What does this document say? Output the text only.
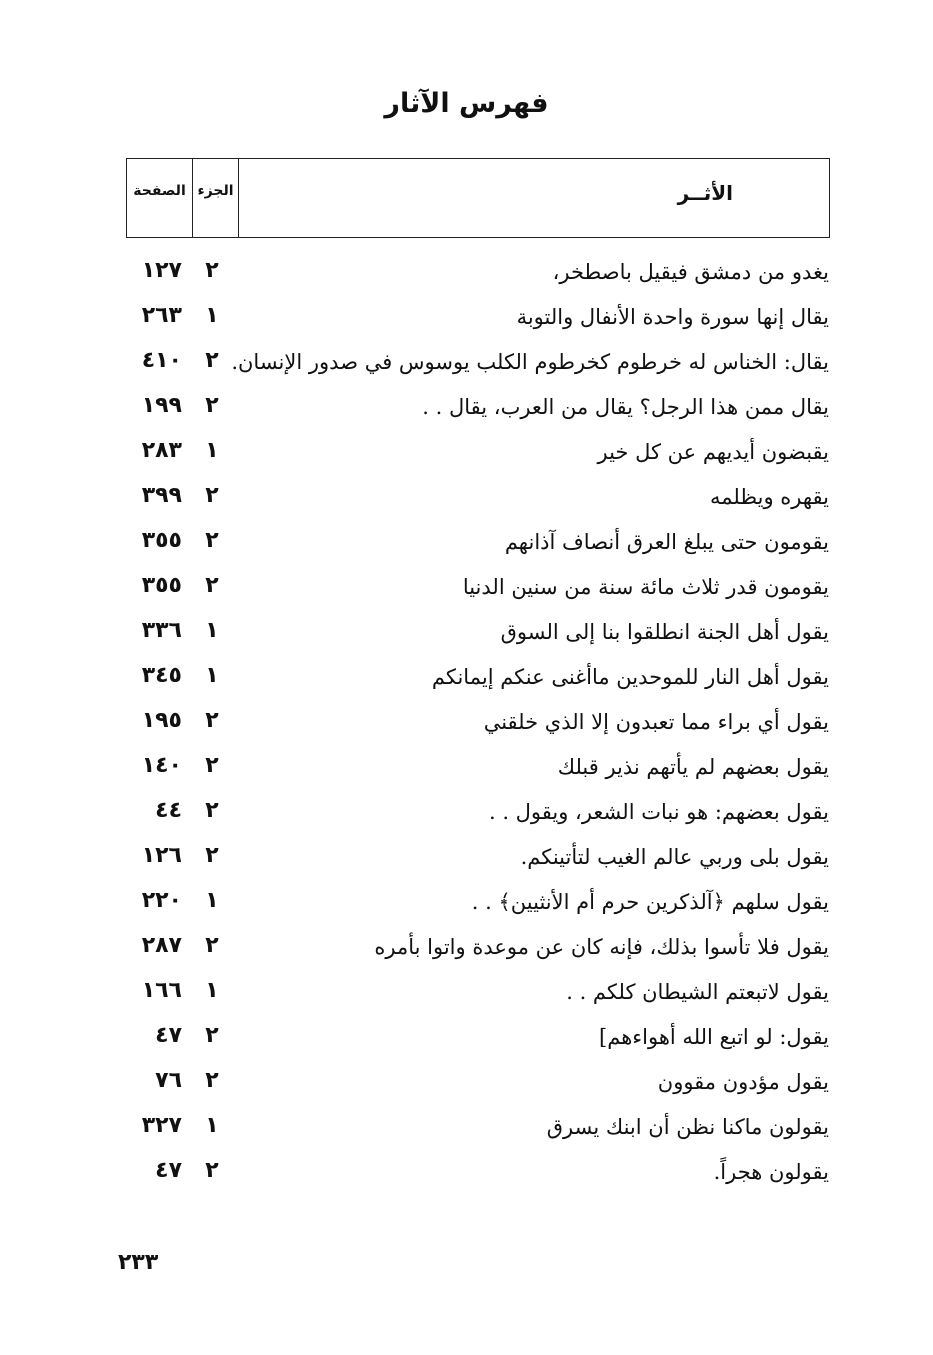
فهرس الآثار
الصفحة الجزء	الأثــر
يغدو من دمشق فيقيل باصطخر،
٢
١٢٧
يقال إنها سورة واحدة الأنفال والتوبة
١
٢٦٣
يقال: الخناس له خرطوم كخرطوم الكلب يوسوس في صدور الإنسان.
٢
٤١٠
يقال ممن هذا الرجل؟ يقال من العرب، يقال . .
٢
١٩٩
يقبضون أيديهم عن كل خير
١
٢٨٣
يقهره ويظلمه
٢
٣٩٩
يقومون حتى يبلغ العرق أنصاف آذانهم
٢
٣٥٥
يقومون قدر ثلاث مائة سنة من سنين الدنيا
٢
٣٥٥
يقول أهل الجنة انطلقوا بنا إلى السوق
١
٣٣٦
يقول أهل النار للموحدين ماأغنى عنكم إيمانكم
١
٣٤٥
يقول أي براء مما تعبدون إلا الذي خلقني
٢
١٩٥
يقول بعضهم لم يأتهم نذير قبلك
٢
١٤٠
يقول بعضهم: هو نبات الشعر، ويقول . .
٢
٤٤
يقول بلى وربي عالم الغيب لتأتينكم.
٢
١٢٦
يقول سلهم ﴿آلذكرين حرم أم الأنثيين﴾ . .
١
٢٢٠
يقول فلا تأسوا بذلك، فإنه كان عن موعدة واتوا بأمره
٢
٢٨٧
يقول لاتبعتم الشيطان كلكم . .
١
١٦٦
يقول: لو اتبع الله أهواءهم]
٢
٤٧
يقول مؤدون مقوون
٢
٧٦
يقولون ماكنا نظن أن ابنك يسرق
١
٣٢٧
يقولون هجراً.
٢
٤٧
٢٣٣
